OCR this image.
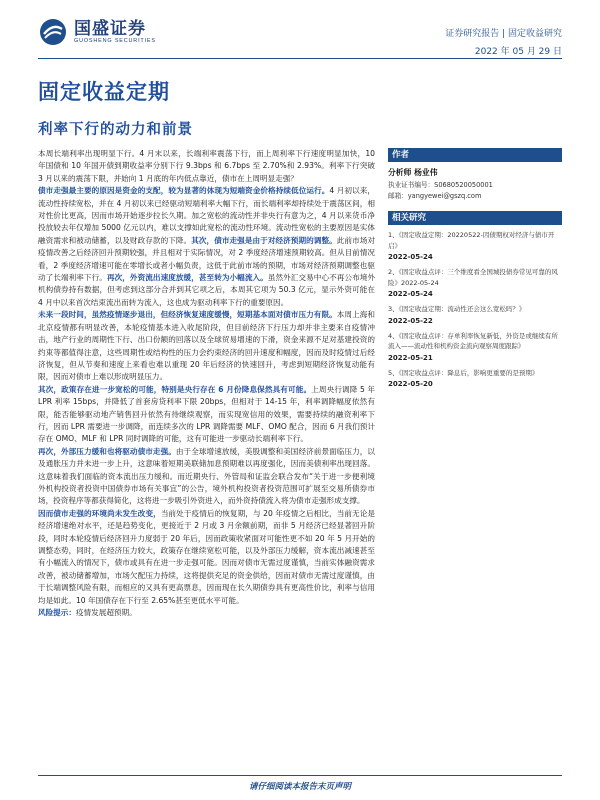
国盛证券
GUOSHENG SECURITIES
证券研究报告 | 固定收益研究
2022 年 05 月 29 日
固定收益定期
利率下行的动力和前景

本周长端利率出现明显下行。4 月末以来，长端利率震荡下行，而上周利率下行速度明显加快，10 年国债和 10 年国开债到期收益率分别下行 9.3bps 和 6.7bps 至 2.70%和 2.93%。利率下行突破 3 月以来的震荡下限，并始向 1 月底的年内低点靠近，债市在上周明显走强？

债市走强最主要的原因是资金的支配，较为显著的体现为短端资金价格持续低位运行。4 月初以来，流动性持续宽松，并在 4 月初以来已经驱动短端利率大幅下行，而长端利率却持续处于震荡区间，相对性价比更高，因而市场开始逐步拉长久期。加之宽松的流动性并非央行有意为之，4 月以来货币净投放较去年仅增加 5000 亿元以内，难以支撑如此宽松的流动性环境。流动性宽松的主要原因是实体融资需求和被动储蓄，以及财政存款的下降。其次，债市走强是由于对经济预期的调整。此前市场对疫情改善之后经济回升预期较强，并且相对于实际情况，对 2 季度经济增速预期较高。但从目前情况看，2 季度经济增速可能在零增长或者小幅负责，这低于此前市场的预期，市场对经济预期调整也驱动了长端利率下行。再次，外资流出速度放缓，甚至转为小幅流入。虽然外汇交易中心不再公布境外机构债券持有数据，但考虑到这部分合并到其它项之后，本周其它项为 50.3 亿元，显示外资可能在 4 月中以来首次结束流出而转为流入，这也成为驱动利率下行的重要原因。

未来一段时间，虽然疫情逐步退出，但经济恢复速度缓慢，短期基本面对债市压力有限。本周上海和北京疫情都有明显改善，本轮疫情基本进入收尾阶段，但目前经济下行压力却并非主要来自疫情冲击，地产行业的周期性下行、出口份额的回落以及全球贸易增速的下滑，资金来源不足对基建投资的约束等都值得注意，这些周期性或结构性的压力会约束经济的回升速度和幅度，因而及时疫情过后经济恢复，但从节奏和速度上来看也难以重现 20 年后经济的快速回升，考虑到短期经济恢复动能有限，因而对债市上难以形成明显压力。

其次，政策存在进一步宽松的可能，特别是央行存在 6 月份降息保然具有可能。上周央行调降 5 年 LPR 利率 15bps，并降低了首套房贷利率下限 20bps，但相对于 14-15 年，利率调降幅度依然有限，能否能够驱动地产销售回升依然有待继续观察，而实现宽信用的效果，需要持续的融资利率下行，因而 LPR 需要进一步调降，而连续多次的 LPR 调降需要 MLF、OMO 配合，因而 6 月我们预计存在 OMO、MLF 和 LPR 同时调降的可能，这有可能进一步驱动长端利率下行。

再次，外部压力缓和也将驱动债市走强。由于全球增速放缓，美股调整和美国经济前景面临压力，以及通胀压力并未进一步上升，这意味着短期美联储加息预期难以再度强化，因而美债利率出现回落。这意味着我们面临的资本流出压力缓和。而近期央行、外管局和证监会联合发布“关于进一步便利境外机构投资者投资中国债券市场有关事宜”的公告，境外机构投资者投资范围可扩展至交易所债券市场，投资程序等都获得简化，这将进一步吸引外资进入，而外资持债流入将为债市走强形成支撑。

因而债市走强的环境尚未发生改变，当前处于疫情后的恢复期，与 20 年疫情之后相比，当前无论是经济增速绝对水平，还是趋势变化，更接近于 2 月或 3 月余额前期，而非 5 月经济已经显著回升阶段，同时本轮疫情后经济回升力度弱于 20 年后，因而政策收紧面对可能性更不如 20 年 5 月开始的调整态势，同时，在经济压力较大，政策存在继续宽松可能，以及外部压力缓解，资本流出减速甚至有小幅流入的情况下，债市或具有在进一步走强可能。因而对债市无需过度谨慎，当前实体融资需求改善，被动储蓄增加，市场欠配压力持续，这将提供充足的资金供给，因而对债市无需过度谨慎，由于长端调整风险有限，而相应的又具有更高票息，因而现在长久期债券具有更高性价比，利率与信用均是如此。10 年国债存在下行至 2.65%甚至更低水平可能。

风险提示：疫情发展超预期。

作者
分析师 杨业伟
执业证书编号：S0680520050001
邮箱：yangyewei@gszq.com
相关研究
1、《固定收益定期：20220522-因债期权对经济与债市开启》
2022-05-24
2、《固定收益点评：三个维度看全国城投债券常见可靠的风险》2022-05-24
2022-05-24
3、《固定收益定期：流动性还会这么宽松吗？》
2022-05-22
4、《固定收益点评：存单利率恢复新低，外资是或继续有所流入——流动性和机构资金流向观察周度跟踪》
2022-05-21
5、《固定收益点评：降息后，影响更重要的是预期》
2022-05-20
请仔细阅读本报告末页声明
